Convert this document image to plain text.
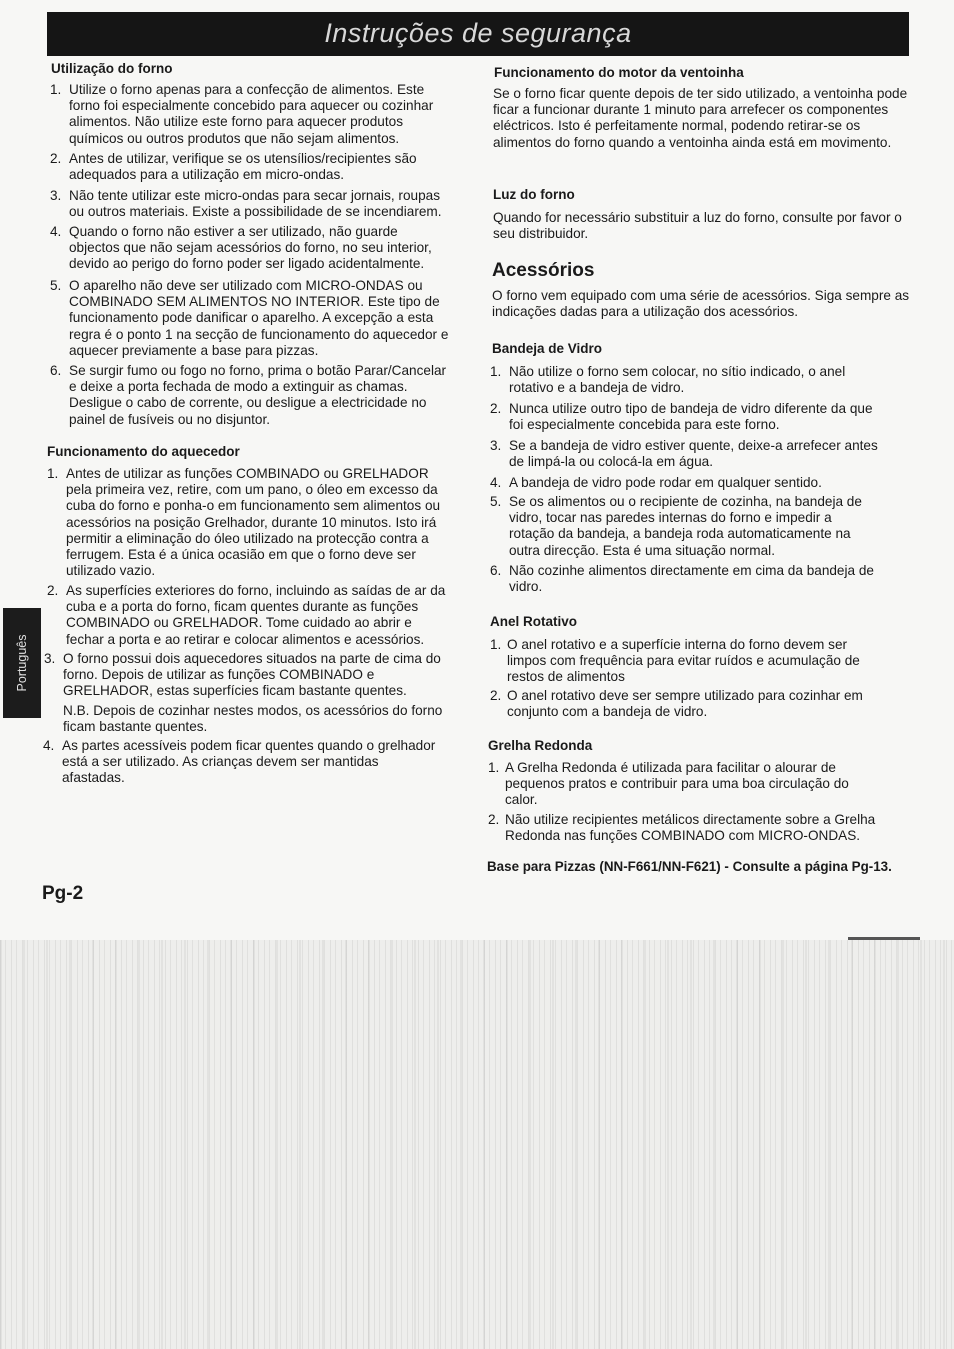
Instruções de segurança
Português
Utilização do forno
1. Utilize o forno apenas para a confecção de alimentos. Este
forno foi especialmente concebido para aquecer ou cozinhar
alimentos. Não utilize este forno para aquecer produtos
químicos ou outros produtos que não sejam alimentos.
2. Antes de utilizar, verifique se os utensílios/recipientes são
adequados para a utilização em micro-ondas.
3. Não tente utilizar este micro-ondas para secar jornais, roupas
ou outros materiais. Existe a possibilidade de se incendiarem.
4. Quando o forno não estiver a ser utilizado, não guarde
objectos que não sejam acessórios do forno, no seu interior,
devido ao perigo do forno poder ser ligado acidentalmente.
5. O aparelho não deve ser utilizado com MICRO-ONDAS ou
COMBINADO SEM ALIMENTOS NO INTERIOR. Este tipo de
funcionamento pode danificar o aparelho. A excepção a esta
regra é o ponto 1 na secção de funcionamento do aquecedor e
aquecer previamente a base para pizzas.
6. Se surgir fumo ou fogo no forno, prima o botão Parar/Cancelar
e deixe a porta fechada de modo a extinguir as chamas.
Desligue o cabo de corrente, ou desligue a electricidade no
painel de fusíveis ou no disjuntor.
Funcionamento do aquecedor
1. Antes de utilizar as funções COMBINADO ou GRELHADOR
pela primeira vez, retire, com um pano, o óleo em excesso da
cuba do forno e ponha-o em funcionamento sem alimentos ou
acessórios na posição Grelhador, durante 10 minutos. Isto irá
permitir a eliminação do óleo utilizado na protecção contra a
ferrugem. Esta é a única ocasião em que o forno deve ser
utilizado vazio.
2. As superfícies exteriores do forno, incluindo as saídas de ar da
cuba e a porta do forno, ficam quentes durante as funções
COMBINADO ou GRELHADOR. Tome cuidado ao abrir e
fechar a porta e ao retirar e colocar alimentos e acessórios.
3. O forno possui dois aquecedores situados na parte de cima do
forno. Depois de utilizar as funções COMBINADO e
GRELHADOR, estas superfícies ficam bastante quentes.
N.B. Depois de cozinhar nestes modos, os acessórios do forno
ficam bastante quentes.
4. As partes acessíveis podem ficar quentes quando o grelhador
está a ser utilizado. As crianças devem ser mantidas
afastadas.
Funcionamento do motor da ventoinha
Se o forno ficar quente depois de ter sido utilizado, a ventoinha pode ficar a funcionar durante 1 minuto para arrefecer os componentes eléctricos. Isto é perfeitamente normal, podendo retirar-se os alimentos do forno quando a ventoinha ainda está em movimento.
Luz do forno
Quando for necessário substituir a luz do forno, consulte por favor o seu distribuidor.
Acessórios
O forno vem equipado com uma série de acessórios. Siga sempre as indicações dadas para a utilização dos acessórios.
Bandeja de Vidro
1. Não utilize o forno sem colocar, no sítio indicado, o anel
rotativo e a bandeja de vidro.
2. Nunca utilize outro tipo de bandeja de vidro diferente da que
foi especialmente concebida para este forno.
3. Se a bandeja de vidro estiver quente, deixe-a arrefecer antes
de limpá-la ou colocá-la em água.
4. A bandeja de vidro pode rodar em qualquer sentido.
5. Se os alimentos ou o recipiente de cozinha, na bandeja de
vidro, tocar nas paredes internas do forno e impedir a
rotação da bandeja, a bandeja roda automaticamente na
outra direcção. Esta é uma situação normal.
6. Não cozinhe alimentos directamente em cima da bandeja de
vidro.
Anel Rotativo
1. O anel rotativo e a superfície interna do forno devem ser
limpos com frequência para evitar ruídos e acumulação de
restos de alimentos
2. O anel rotativo deve ser sempre utilizado para cozinhar em
conjunto com a bandeja de vidro.
Grelha Redonda
1. A Grelha Redonda é utilizada para facilitar o alourar de
pequenos pratos e contribuir para uma boa circulação do
calor.
2. Não utilize recipientes metálicos directamente sobre a Grelha
Redonda nas funções COMBINADO com MICRO-ONDAS.
Base para Pizzas (NN-F661/NN-F621) - Consulte a página Pg-13.
Pg-2
